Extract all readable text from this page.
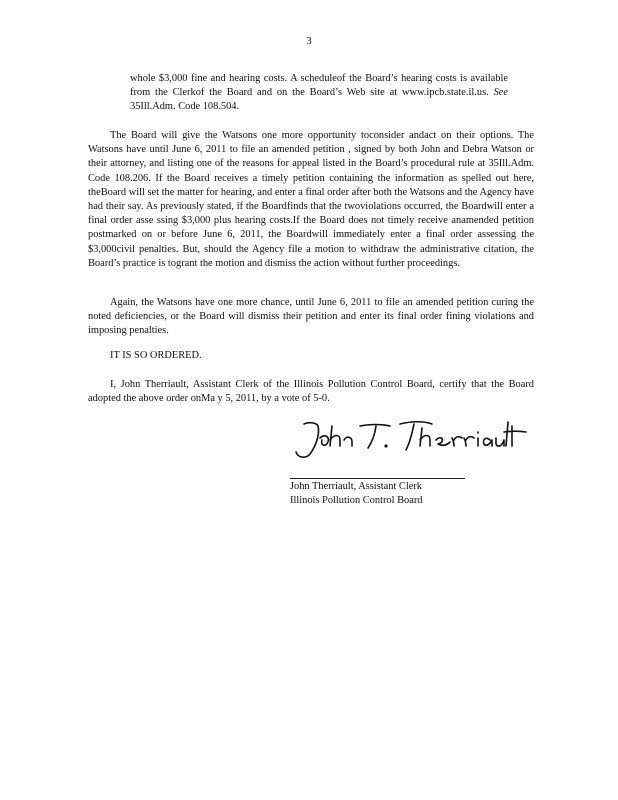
3
whole $3,000 fine and hearing costs. A scheduleof the Board’s hearing costs is available from the Clerkof the Board and on the Board’s Web site at www.ipcb.state.il.us. See 35Ill.Adm. Code 108.504.
The Board will give the Watsons one more opportunity toconsider andact on their options. The Watsons have until June 6, 2011 to file an amended petition , signed by both John and Debra Watson or their attorney, and listing one of the reasons for appeal listed in the Board’s procedural rule at 35Ill.Adm. Code 108.206. If the Board receives a timely petition containing the information as spelled out here, theBoard will set the matter for hearing, and enter a final order after both the Watsons and the Agency have had their say. As previously stated, if the Boardfinds that the twoviolations occurred, the Boardwill enter a final order asse ssing $3,000 plus hearing costs.If the Board does not timely receive anamended petition postmarked on or before June 6, 2011, the Boardwill immediately enter a final order assessing the $3,000civil penalties. But, should the Agency file a motion to withdraw the administrative citation, the Board’s practice is togrant the motion and dismiss the action without further proceedings.
Again, the Watsons have one more chance, until June 6, 2011 to file an amended petition curing the noted deficiencies, or the Board will dismiss their petition and enter its final order fining violations and imposing penalties.
IT IS SO ORDERED.
I, John Therriault, Assistant Clerk of the Illinois Pollution Control Board, certify that the Board adopted the above order onMa y 5, 2011, by a vote of 5-0.
John Therriault, Assistant Clerk
Illinois Pollution Control Board
